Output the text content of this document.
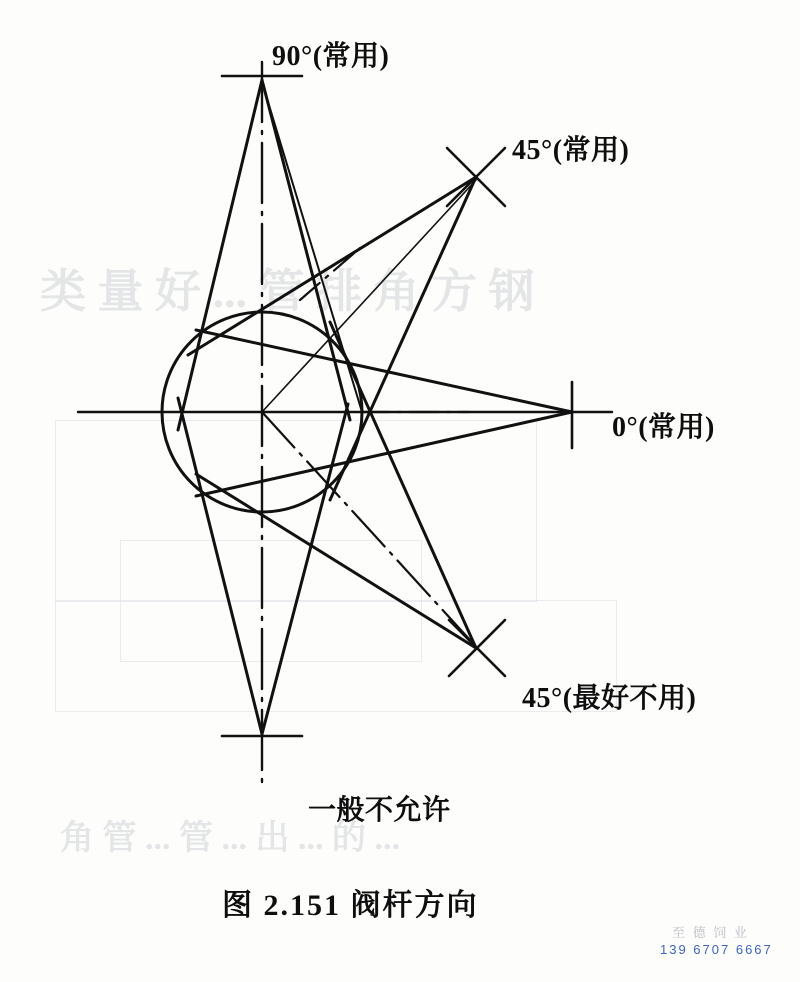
类 量 好 ... 管 排 角 方 钢
角 管 ... 管 ... 出 ... 的 ...
90°(常用)
45°(常用)
0°(常用)
45°(最好不用)
一般不允许
图 2.151 阀杆方向
至 德 饲 业
139 6707 6667
